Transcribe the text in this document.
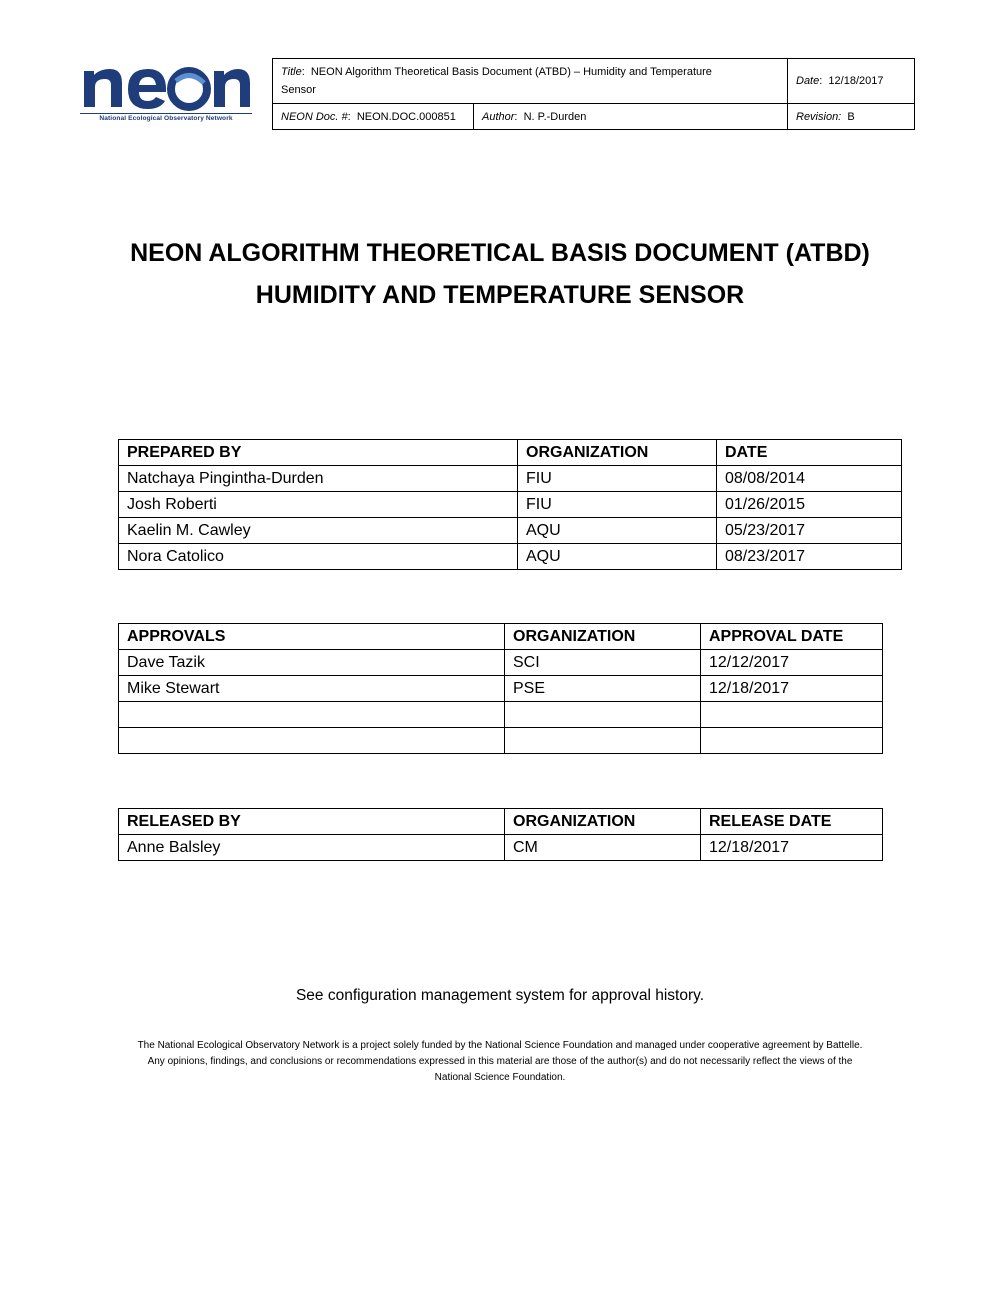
National Ecological Observatory Network
Title:  NEON Algorithm Theoretical Basis Document (ATBD) – Humidity and Temperature
Sensor		Date:  12/18/2017
NEON Doc. #:  NEON.DOC.000851	Author:  N. P.-Durden	Revision: B
NEON ALGORITHM THEORETICAL BASIS DOCUMENT (ATBD)
HUMIDITY AND TEMPERATURE SENSOR
PREPARED BY	ORGANIZATION	DATE
Natchaya Pingintha-Durden	FIU	08/08/2014
Josh Roberti	FIU	01/26/2015
Kaelin M. Cawley	AQU	05/23/2017
Nora Catolico	AQU	08/23/2017
APPROVALS	ORGANIZATION	APPROVAL DATE
Dave Tazik	SCI	12/12/2017
Mike Stewart	PSE	12/18/2017

RELEASED BY	ORGANIZATION	RELEASE DATE
Anne Balsley	CM	12/18/2017
See configuration management system for approval history.
The National Ecological Observatory Network is a project solely funded by the National Science Foundation and managed under cooperative agreement by Battelle.
Any opinions, findings, and conclusions or recommendations expressed in this material are those of the author(s) and do not necessarily reflect the views of the
National Science Foundation.
